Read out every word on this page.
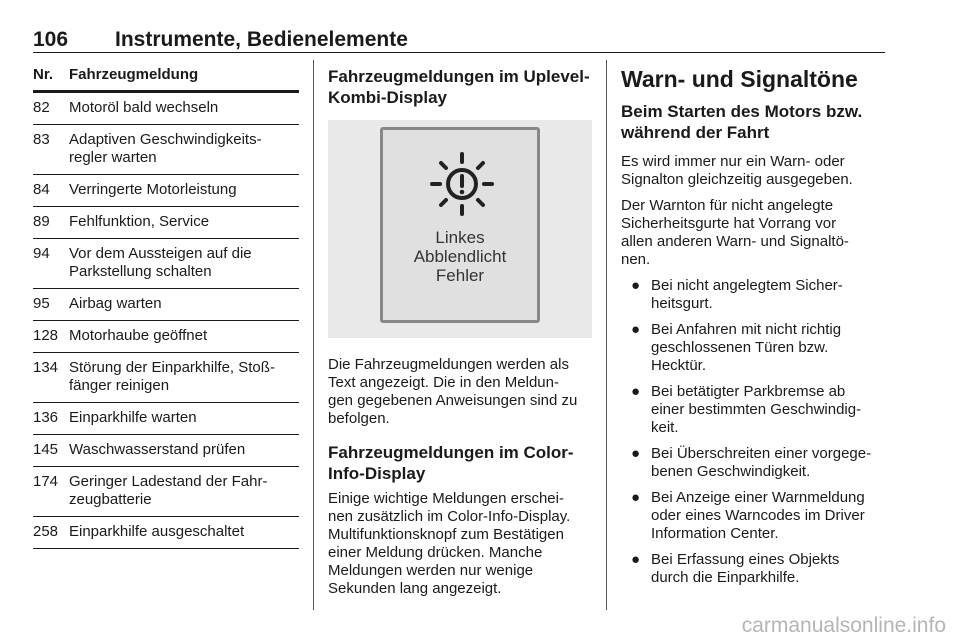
106 Instrumente, Bedienelemente
Nr.	Fahrzeugmeldung
82	Motoröl bald wechseln
83	Adaptiven Geschwindigkeits-
regler warten
84	Verringerte Motorleistung
89	Fehlfunktion, Service
94	Vor dem Aussteigen auf die
Parkstellung schalten
95	Airbag warten
128 Motorhaube geöffnet
134 Störung der Einparkhilfe, Stoß-
fänger reinigen
136 Einparkhilfe warten
145 Waschwasserstand prüfen
174 Geringer Ladestand der Fahr-
zeugbatterie
258 Einparkhilfe ausgeschaltet
Fahrzeugmeldungen im Uplevel-
Kombi-Display
Linkes
Abblendlicht
Fehler
Die Fahrzeugmeldungen werden als
Text angezeigt. Die in den Meldun-
gen gegebenen Anweisungen sind zu
befolgen.
Fahrzeugmeldungen im Color-
Info-Display
Einige wichtige Meldungen erschei-
nen zusätzlich im Color-Info-Display.
Multifunktionsknopf zum Bestätigen
einer Meldung drücken. Manche
Meldungen werden nur wenige
Sekunden lang angezeigt.
Warn- und Signaltöne
Beim Starten des Motors bzw.
während der Fahrt
Es wird immer nur ein Warn- oder
Signalton gleichzeitig ausgegeben.
Der Warnton für nicht angelegte
Sicherheitsgurte hat Vorrang vor
allen anderen Warn- und Signaltö-
nen.
● Bei nicht angelegtem Sicher-
heitsgurt.
● Bei Anfahren mit nicht richtig
geschlossenen Türen bzw.
Hecktür.
● Bei betätigter Parkbremse ab
einer bestimmten Geschwindig-
keit.
● Bei Überschreiten einer vorgege-
benen Geschwindigkeit.
● Bei Anzeige einer Warnmeldung
oder eines Warncodes im Driver
Information Center.
● Bei Erfassung eines Objekts
durch die Einparkhilfe.
carmanualsonline.info
